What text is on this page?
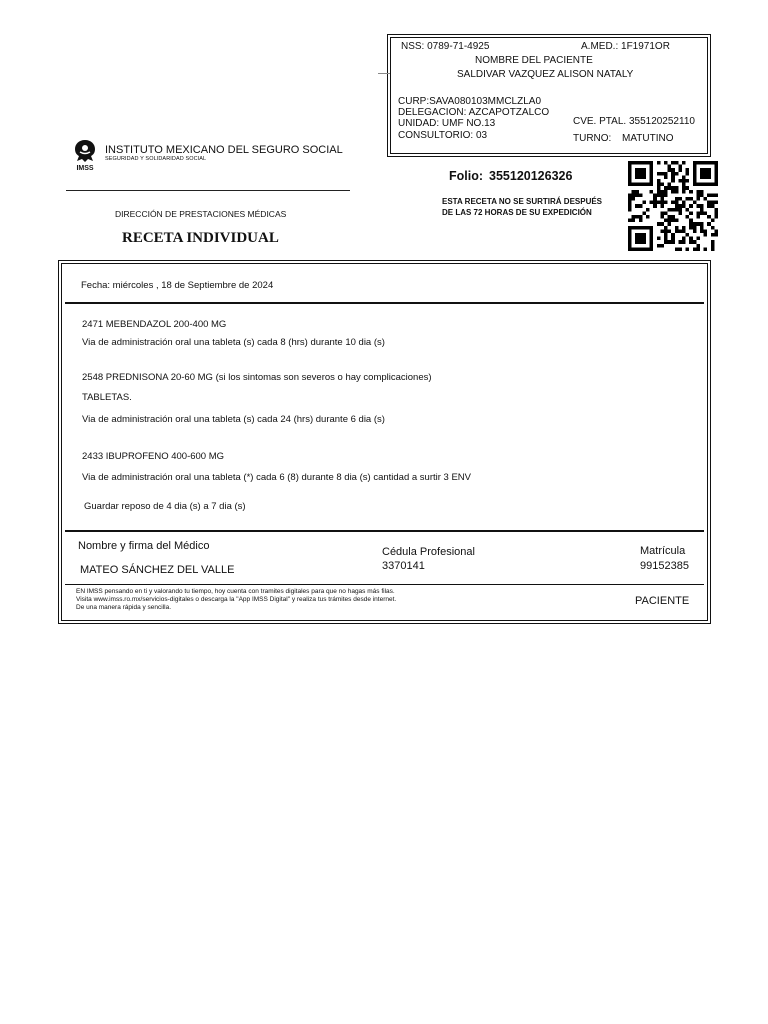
NSS: 0789-71-4925	A.MED.: 1F1971OR
NOMBRE DEL PACIENTE
SALDIVAR VAZQUEZ ALISON NATALY
CURP:SAVA080103MMCLZLA0
DELEGACION: AZCAPOTZALCO
UNIDAD: UMF NO.13
CONSULTORIO: 03
CVE. PTAL. 355120252110
TURNO: MATUTINO
IMSS
INSTITUTO MEXICANO DEL SEGURO SOCIAL
SEGURIDAD Y SOLIDARIDAD SOCIAL
DIRECCIÓN DE PRESTACIONES MÉDICAS
RECETA INDIVIDUAL
Folio: 355120126326
ESTA RECETA NO SE SURTIRÁ DESPUÉS
DE LAS 72 HORAS DE SU EXPEDICIÓN
Fecha: miércoles , 18 de Septiembre de 2024
2471 MEBENDAZOL 200-400 MG
Via de administración oral una tableta (s) cada 8 (hrs) durante 10 dia (s)
2548 PREDNISONA 20-60 MG (si los sintomas son severos o hay complicaciones)
TABLETAS.
Via de administración oral una tableta (s) cada 24 (hrs) durante 6 dia (s)
2433 IBUPROFENO 400-600 MG
Via de administración oral una tableta (*) cada 6 (8) durante 8 dia (s) cantidad a surtir 3 ENV
Guardar reposo de 4 dia (s) a 7 dia (s)
Nombre y firma del Médico
MATEO SÁNCHEZ DEL VALLE
Cédula Profesional
3370141
Matrícula
99152385
EN IMSS pensando en ti y valorando tu tiempo, hoy cuenta con tramites digitales para que no hagas más filas.
Visita www.imss.ro.mx/servicios-digitales o descarga la "App IMSS Digital" y realiza tus trámites desde internet.
De una manera rápida y sencilla.
PACIENTE
